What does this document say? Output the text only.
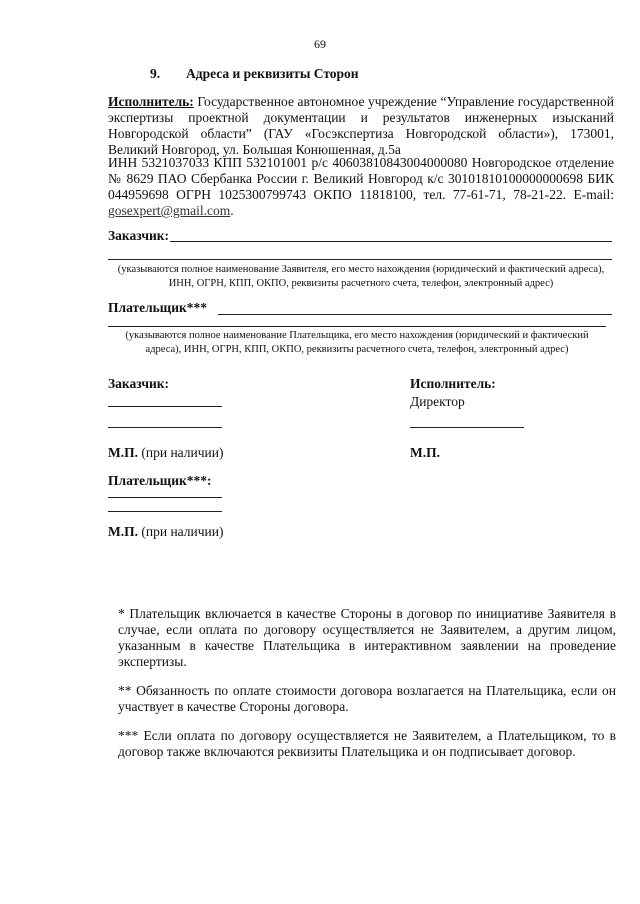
69
9. Адреса и реквизиты Сторон
Исполнитель: Государственное автономное учреждение “Управление государственной экспертизы проектной документации и результатов инженерных изысканий Новгородской области” (ГАУ «Госэкспертиза Новгородской области»), 173001, Великий Новгород, ул. Большая Конюшенная, д.5а
ИНН 5321037033 КПП 532101001 р/с 40603810843004000080 Новгородское отделение № 8629 ПАО Сбербанка России г. Великий Новгород к/с 30101810100000000698 БИК 044959698 ОГРН 1025300799743 ОКПО 11818100, тел. 77-61-71, 78-21-22. E-mail: gosexpert@gmail.com.
Заказчик:
(указываются полное наименование Заявителя, его место нахождения (юридический и фактический адреса), ИНН, ОГРН, КПП, ОКПО, реквизиты расчетного счета, телефон, электронный адрес)
Плательщик***
(указываются полное наименование Плательщика, его место нахождения (юридический и фактический адреса), ИНН, ОГРН, КПП, ОКПО, реквизиты расчетного счета, телефон, электронный адрес)
Заказчик:	Исполнитель:
Директор
М.П. (при наличии)	М.П.
Плательщик***:
М.П. (при наличии)
* Плательщик включается в качестве Стороны в договор по инициативе Заявителя в случае, если оплата по договору осуществляется не Заявителем, а другим лицом, указанным в качестве Плательщика в интерактивном заявлении на проведение экспертизы.
** Обязанность по оплате стоимости договора возлагается на Плательщика, если он участвует в качестве Стороны договора.
*** Если оплата по договору осуществляется не Заявителем, а Плательщиком, то в договор также включаются реквизиты Плательщика и он подписывает договор.
